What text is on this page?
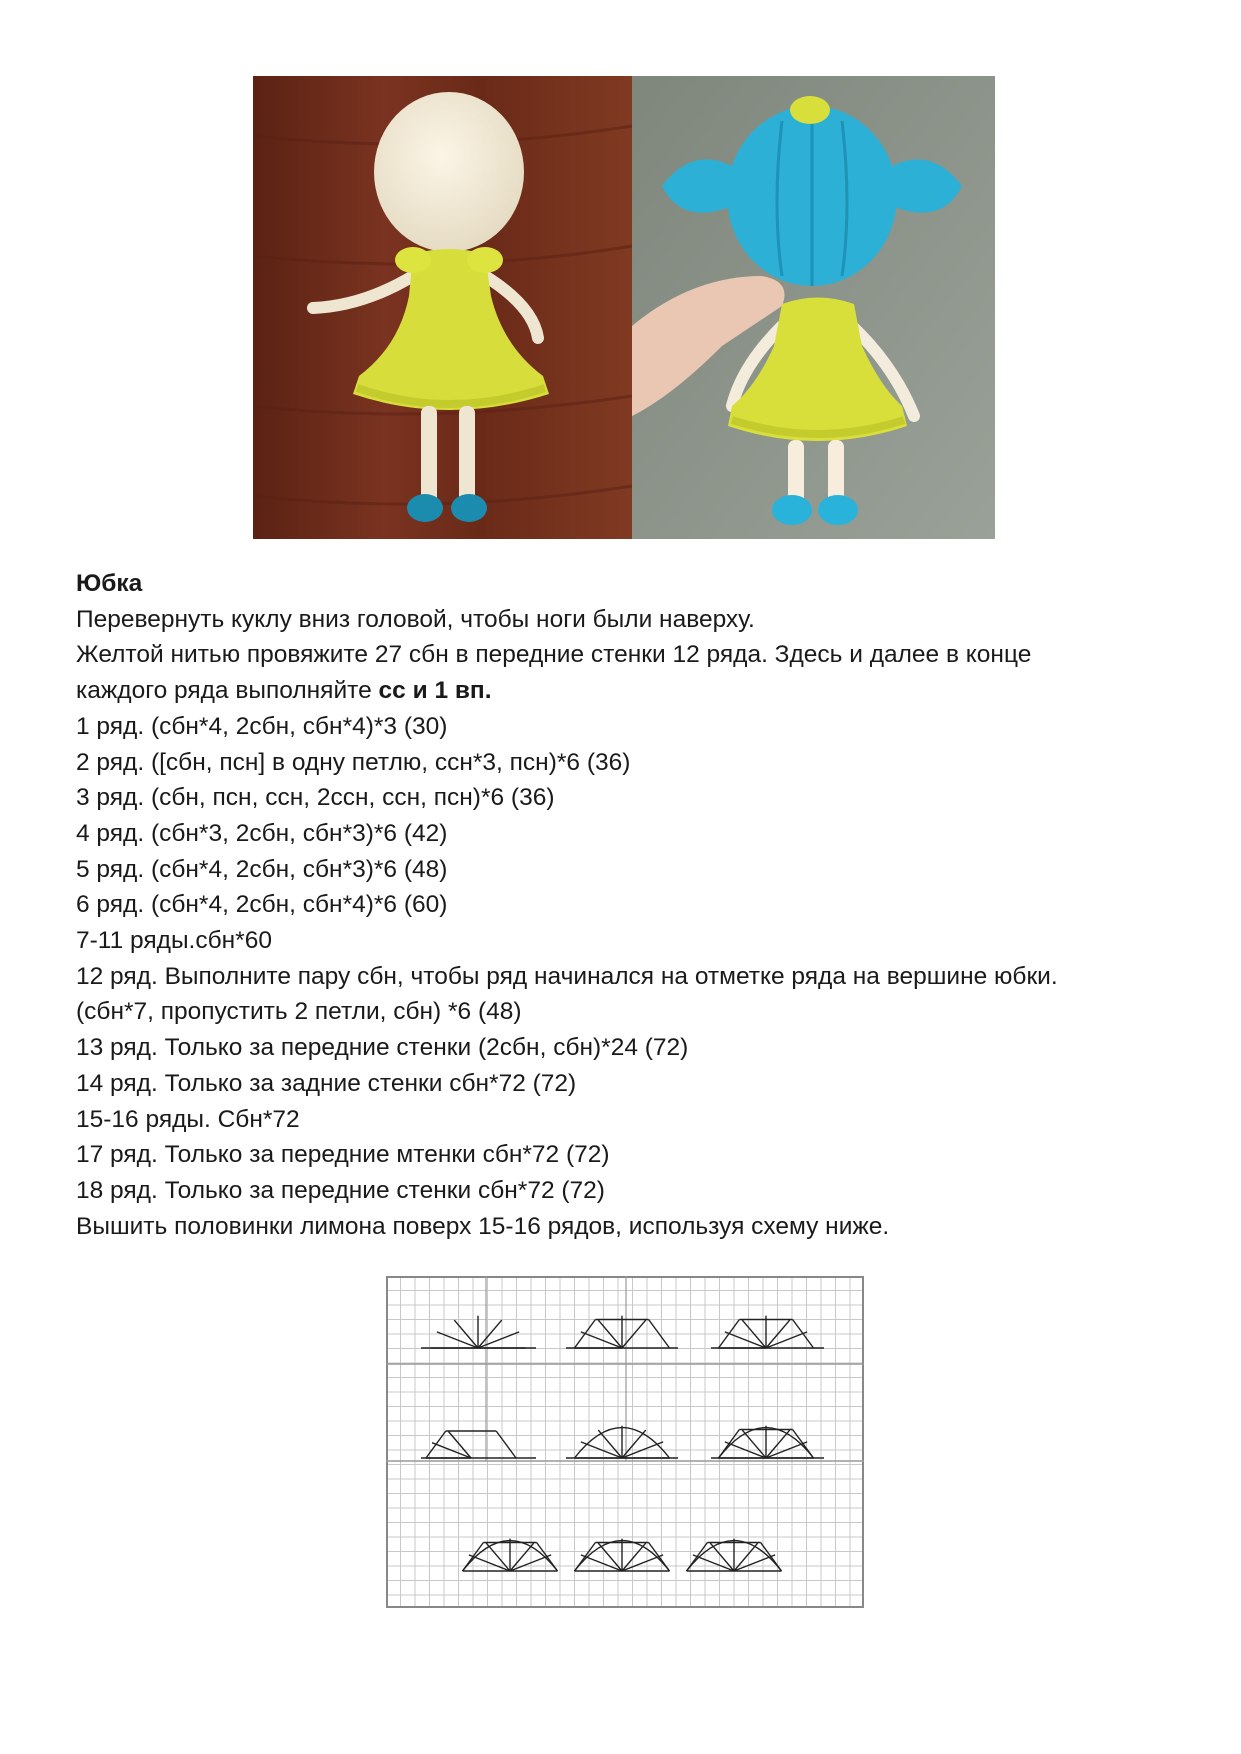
Юбка

Перевернуть куклу вниз головой, чтобы ноги были наверху.

Желтой нитью провяжите 27 сбн в передние стенки 12 ряда. Здесь и далее в конце

каждого ряда выполняйте сс и 1 вп.

1 ряд. (сбн*4, 2сбн, сбн*4)*3 (30)

2 ряд. ([сбн, псн] в одну петлю, ссн*3, псн)*6 (36)

3 ряд. (сбн, псн, ссн, 2ссн, ссн, псн)*6 (36)

4 ряд. (сбн*3, 2сбн, сбн*3)*6 (42)

5 ряд. (сбн*4, 2сбн, сбн*3)*6 (48)

6 ряд. (сбн*4, 2сбн, сбн*4)*6 (60)

7-11 ряды.сбн*60

12 ряд. Выполните пару сбн, чтобы ряд начинался на отметке ряда на вершине юбки.

(сбн*7, пропустить 2 петли, сбн) *6 (48)

13 ряд. Только за передние стенки (2сбн, сбн)*24 (72)

14 ряд. Только за задние стенки сбн*72 (72)

15-16 ряды. Сбн*72

17 ряд. Только за передние мтенки сбн*72 (72)

18 ряд. Только за передние стенки сбн*72 (72)

Вышить половинки лимона поверх 15-16 рядов, используя схему ниже.
